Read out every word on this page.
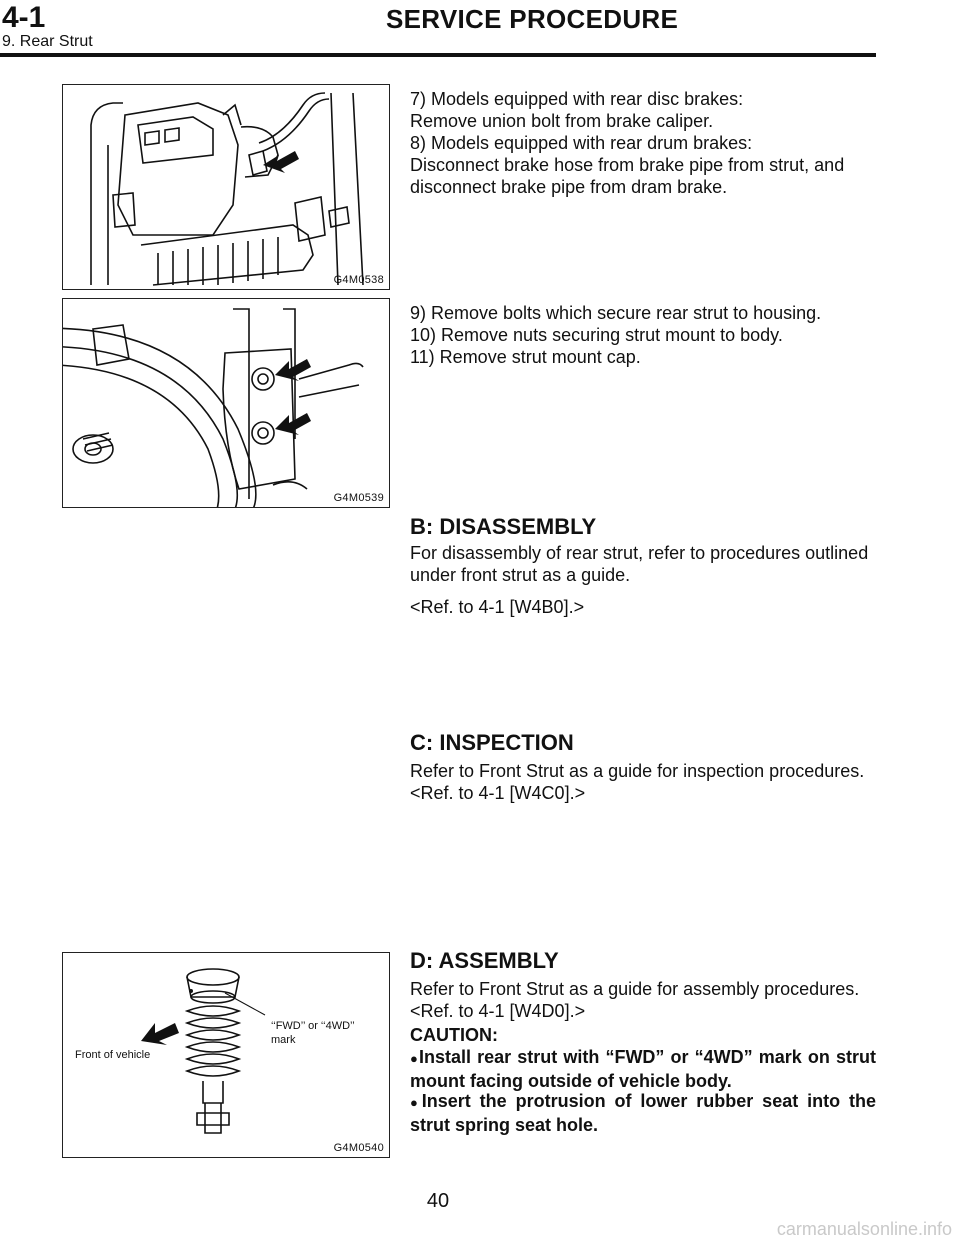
4-1	SERVICE PROCEDURE
9. Rear Strut
G4M0538
G4M0539
Front of vehicle
‘‘FWD’’ or ‘‘4WD’’
mark
G4M0540
7) Models equipped with rear disc brakes:
Remove union bolt from brake caliper.
8) Models equipped with rear drum brakes:
Disconnect brake hose from brake pipe from strut, and
disconnect brake pipe from dram brake.
9) Remove bolts which secure rear strut to housing.
10) Remove nuts securing strut mount to body.
11) Remove strut mount cap.
B: DISASSEMBLY
For disassembly of rear strut, refer to procedures outlined
under front strut as a guide.
<Ref. to 4-1 [W4B0].>
C: INSPECTION
Refer to Front Strut as a guide for inspection procedures.
<Ref. to 4-1 [W4C0].>
D: ASSEMBLY
Refer to Front Strut as a guide for assembly procedures.
<Ref. to 4-1 [W4D0].>
CAUTION:
●Install rear strut with “FWD” or “4WD” mark on strut mount facing outside of vehicle body.
●Insert the protrusion of lower rubber seat into the strut spring seat hole.
40
carmanualsonline.info
